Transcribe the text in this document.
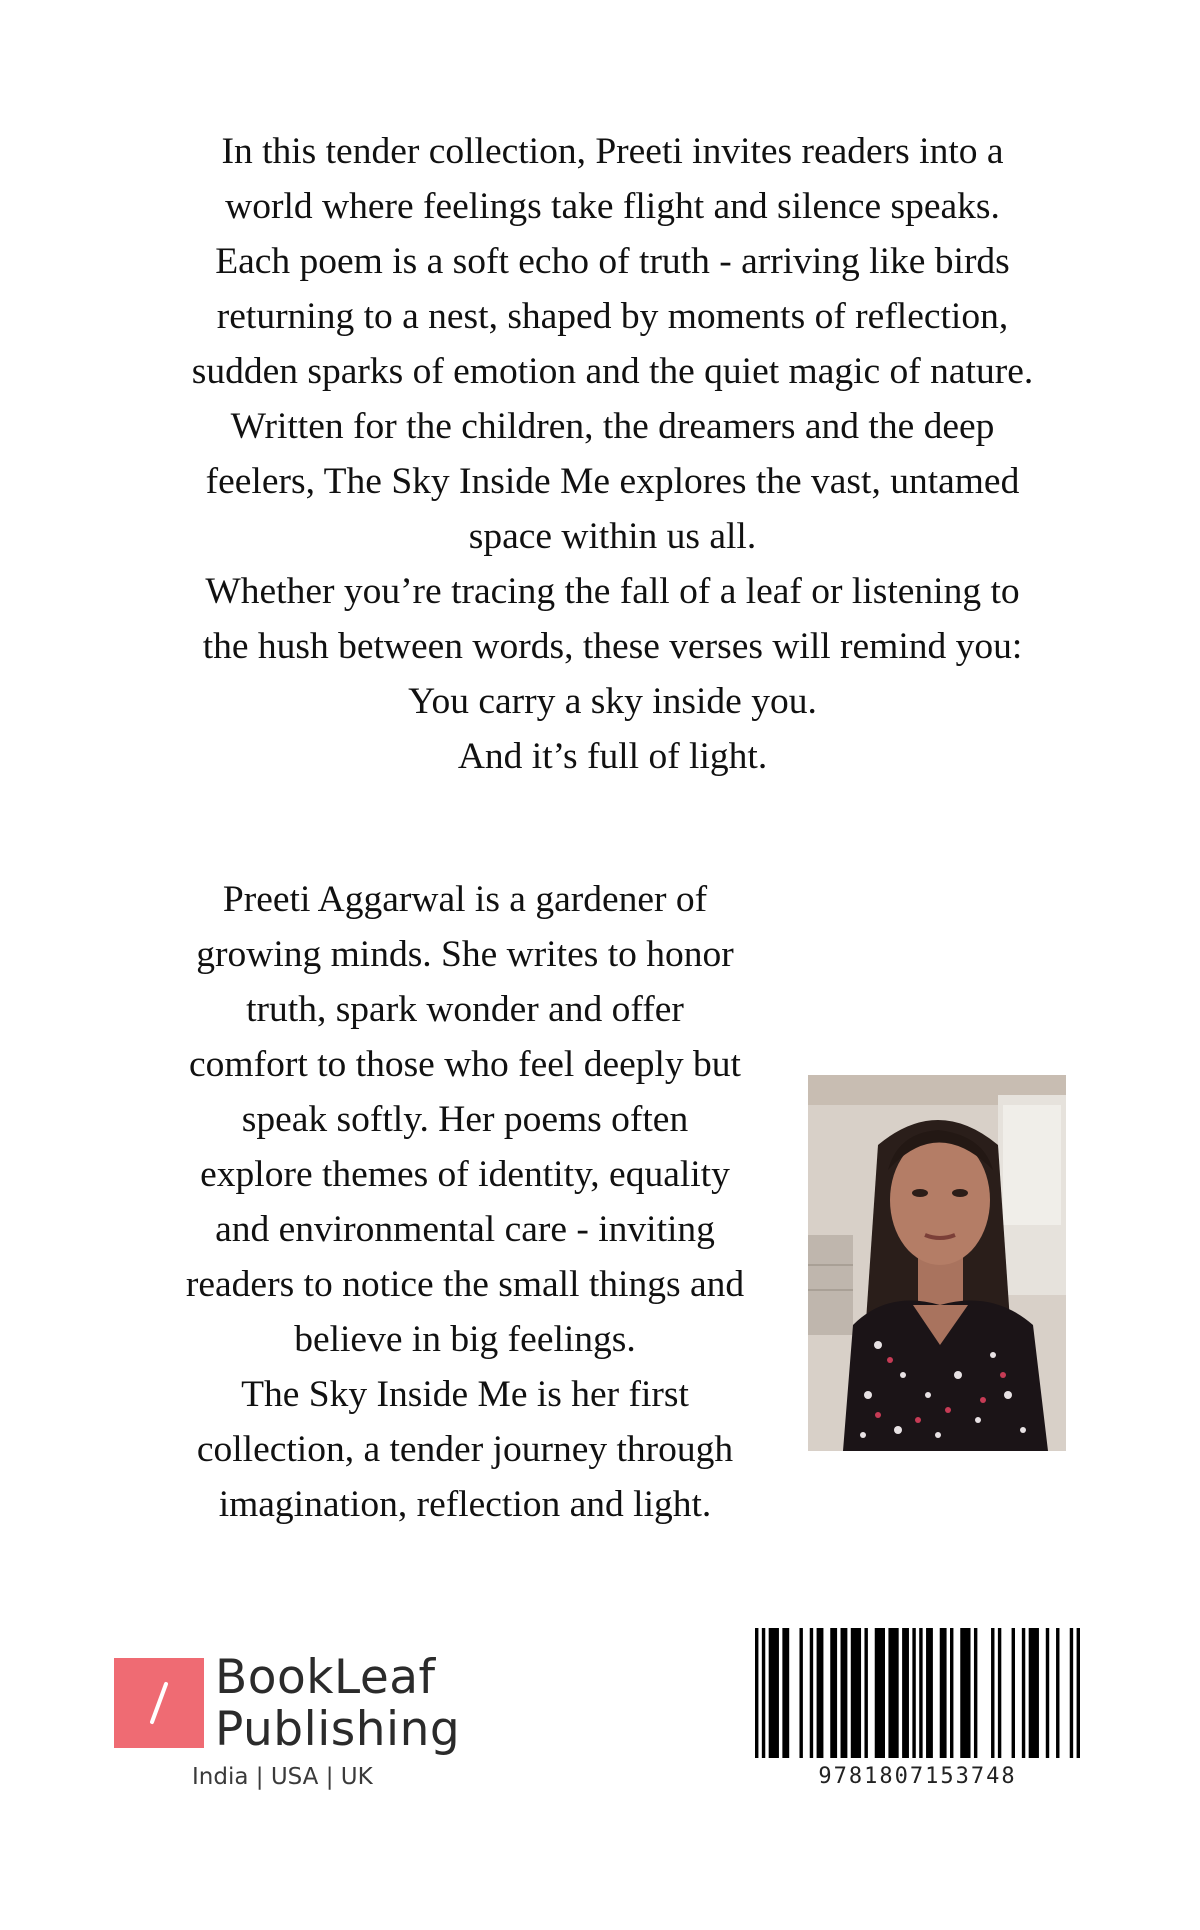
In this tender collection, Preeti invites readers into a
world where feelings take flight and silence speaks.
Each poem is a soft echo of truth - arriving like birds
returning to a nest, shaped by moments of reflection,
sudden sparks of emotion and the quiet magic of nature.
Written for the children, the dreamers and the deep
feelers, The Sky Inside Me explores the vast, untamed
space within us all.
Whether you’re tracing the fall of a leaf or listening to
the hush between words, these verses will remind you:
You carry a sky inside you.
And it’s full of light.
Preeti Aggarwal is a gardener of
growing minds. She writes to honor
truth, spark wonder and offer
comfort to those who feel deeply but
speak softly. Her poems often
explore themes of identity, equality
and environmental care - inviting
readers to notice the small things and
believe in big feelings.
The Sky Inside Me is her first
collection, a tender journey through
imagination, reflection and light.
BookLeaf
Publishing
India | USA | UK	9781807153748
